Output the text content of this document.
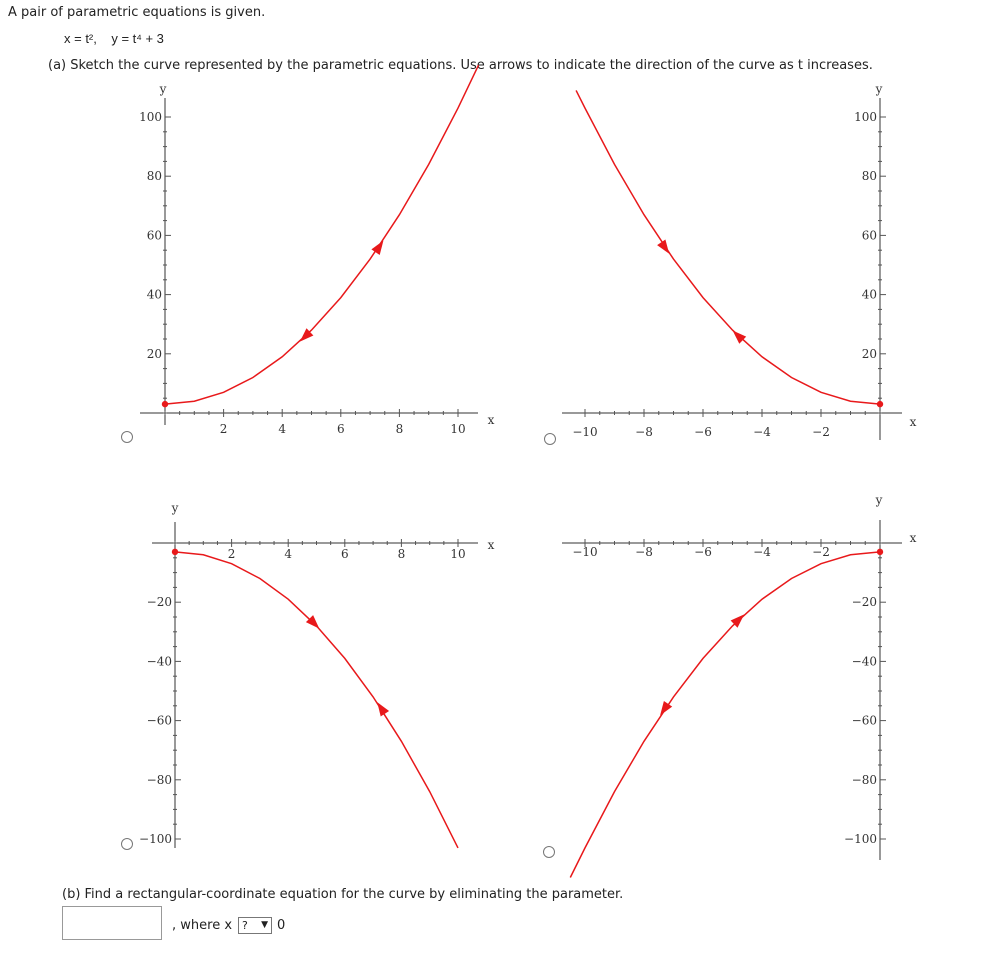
A pair of parametric equations is given.
x = t², y = t⁴ + 3
(a) Sketch the curve represented by the parametric equations. Use arrows to indicate the direction of the curve as t increases.
2	4	6	8	10
20
40
60
80
100
x
y
−10	−8	−6	−4	−2
20
40
60
80
100
x
y
2	4	6	8	10
−20
−40
−60
−80
−100
x
y
−10	−8	−6	−4	−2
−20
−40
−60
−80
−100
x
y
(b) Find a rectangular-coordinate equation for the curve by eliminating the parameter.
, where x ? ▼ 0
